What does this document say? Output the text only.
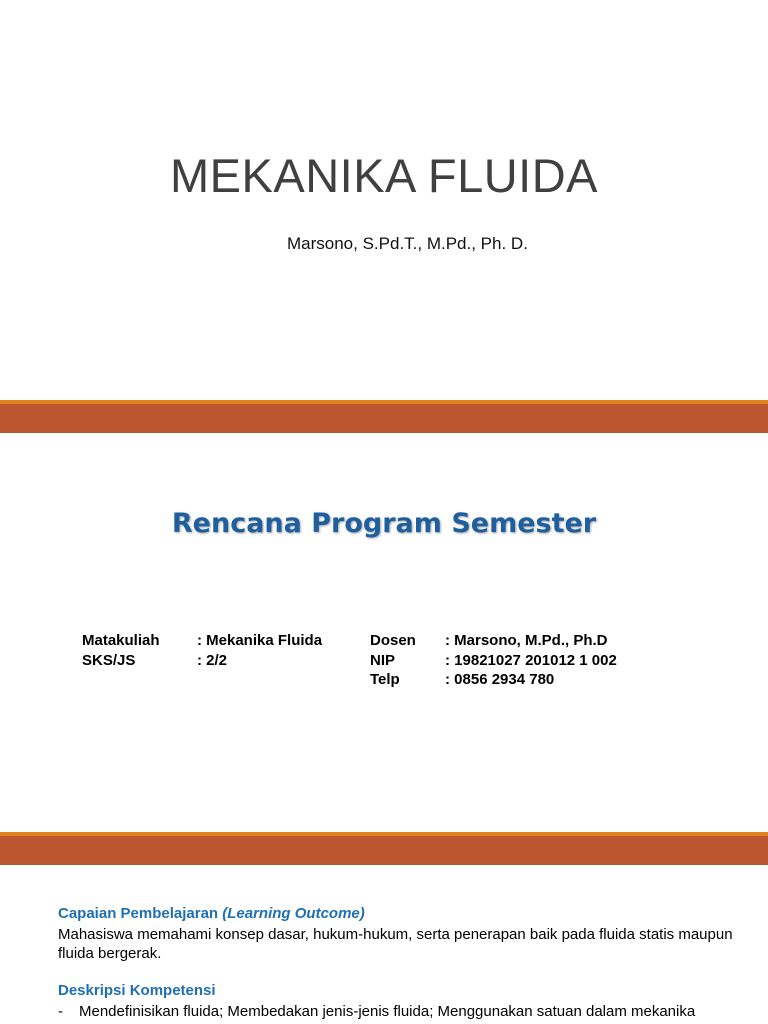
MEKANIKA FLUIDA
Marsono, S.Pd.T., M.Pd., Ph. D.
Rencana Program Semester
Matakuliah	: Mekanika Fluida
SKS/JS	: 2/2
Dosen	: Marsono, M.Pd., Ph.D
NIP	: 19821027 201012 1 002
Telp	: 0856 2934 780
Capaian Pembelajaran (Learning Outcome)
Mahasiswa memahami konsep dasar, hukum-hukum, serta penerapan baik pada fluida statis maupun fluida bergerak.
Deskripsi Kompetensi
-	Mendefinisikan fluida; Membedakan jenis-jenis fluida; Menggunakan satuan dalam mekanika
